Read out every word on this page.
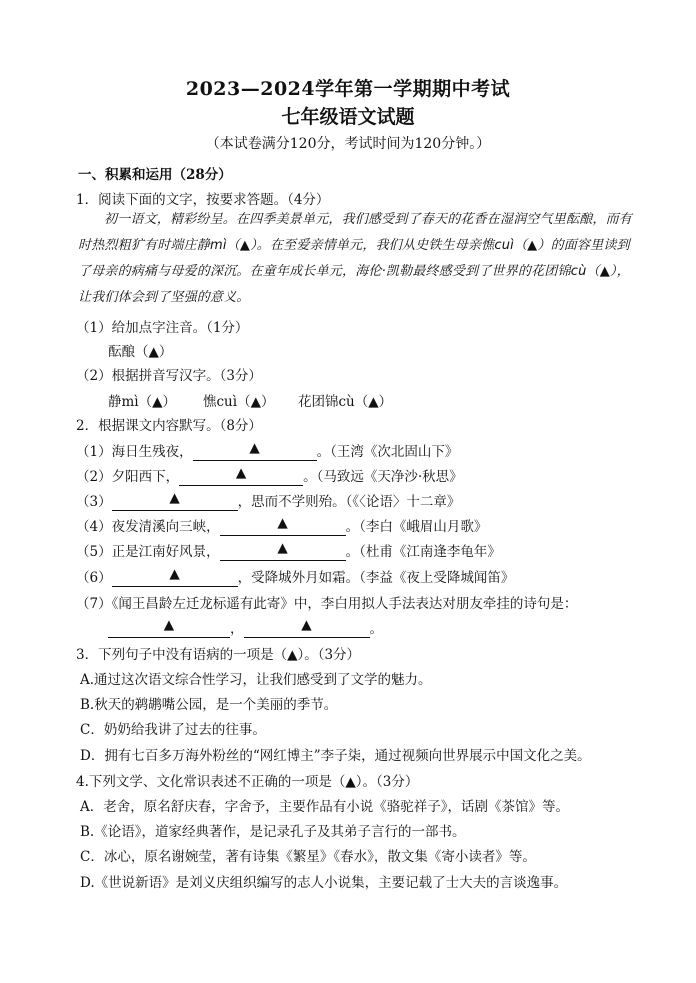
2023—2024学年第一学期期中考试
七年级语文试题
（本试卷满分120分，考试时间为120分钟。）
一、积累和运用（28分）
1．阅读下面的文字，按要求答题。（4分）
初一语文，精彩纷呈。在四季美景单元，我们感受到了春天的花香在湿润空气里酝酿，而有时热烈粗犷有时端庄静mì（▲）。在至爱亲情单元，我们从史铁生母亲憔cuì（▲）的面容里读到了母亲的病痛与母爱的深沉。在童年成长单元，海伦·凯勒最终感受到了世界的花团锦cù（▲），让我们体会到了坚强的意义。
（1）给加点字注音。（1分）
酝酿（▲）
（2）根据拼音写汉字。（3分）
静mì（▲） 憔cuì（▲） 花团锦cù（▲）
2．根据课文内容默写。（8分）
（1）海日生残夜，	▲	。（王湾《次北固山下》
（2）夕阳西下，	▲	。（马致远《天净沙·秋思》
（3）	▲	，思而不学则殆。（《〈论语〉十二章》
（4）夜发清溪向三峡，	▲	。（李白《峨眉山月歌》
（5）正是江南好风景，	▲	。（杜甫《江南逢李龟年》
（6）	▲	，受降城外月如霜。（李益《夜上受降城闻笛》
（7）《闻王昌龄左迁龙标遥有此寄》中，李白用拟人手法表达对朋友牵挂的诗句是：
▲	，	▲	。
3．下列句子中没有语病的一项是（▲）。（3分）
A.通过这次语文综合性学习，让我们感受到了文学的魅力。
B.秋天的鹈鹕嘴公园，是一个美丽的季节。
C．奶奶给我讲了过去的往事。
D．拥有七百多万海外粉丝的“网红博主”李子柒，通过视频向世界展示中国文化之美。
4.下列文学、文化常识表述不正确的一项是（▲）。（3分）
A．老舍，原名舒庆春，字舍予，主要作品有小说《骆驼祥子》，话剧《茶馆》等。
B.《论语》，道家经典著作，是记录孔子及其弟子言行的一部书。
C．冰心，原名谢婉莹，著有诗集《繁星》《春水》，散文集《寄小读者》等。
D.《世说新语》是刘义庆组织编写的志人小说集，主要记载了士大夫的言谈逸事。
